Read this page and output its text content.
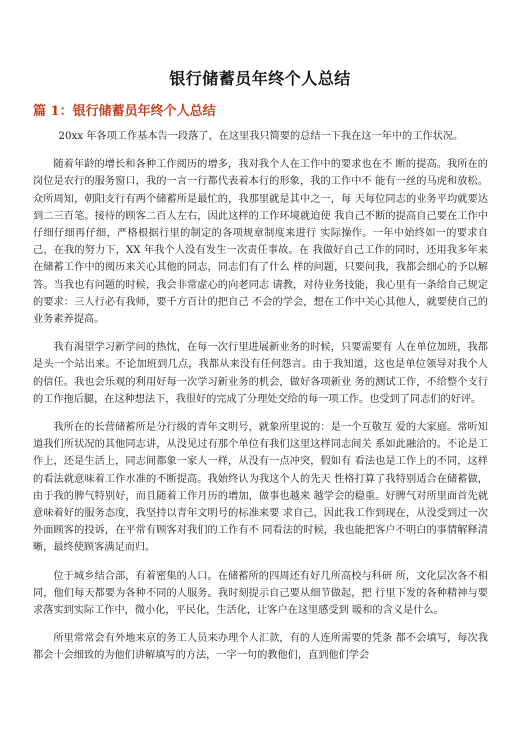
银行储蓄员年终个人总结
篇 1：银行储蓄员年终个人总结

20xx 年各项工作基本告一段落了，在这里我只简要的总结一下我在这一年中的工作状况。

随着年龄的增长和各种工作阅历的增多，我对我个人在工作中的要求也在不 断的提高。我所在的岗位是农行的服务窗口，我的一言一行都代表着本行的形象，我的工作中不 能有一丝的马虎和放松。众所周知，朝阳支行有两个储蓄所是最忙的，我那里就是其中之一，每 天每位同志的业务平均就要达到二三百笔。接待的顾客二百人左右，因此这样的工作环境就迫使 我自己不断的提高自己要在工作中仔细仔细再仔细，严格根据行里的制定的各项规章制度来进行 实际操作。一年中始终如一的要求自己，在我的努力下，XX 年我个人没有发生一次责任事故。在 我做好自己工作的同时，还用我多年来在储蓄工作中的阅历来关心其他的同志，同志们有了什么 样的问题，只要问我，我都会细心的予以解答。当我也有问题的时候，我会非常虚心的向老同志 请教，对待业务技能，我心里有一条给自己规定的要求：三人行必有我师，要千方百计的把自己 不会的学会，想在工作中关心其他人，就要使自己的业务素养提高。

我有渴望学习新学问的热忱，在每一次行里进展新业务的时候，只要需要有 人在单位加班，我都是头一个站出来。不论加班到几点，我都从来没有任何怨言。由于我知道，这也是单位领导对我个人的信任。我也会乐观的利用好每一次学习新业务的机会，做好各项新业 务的测试工作，不给整个支行的工作拖后腿，在这种想法下，我很好的完成了分理处交给的每一项工作。也受到了同志们的好评。

我所在的长营储蓄所是分行级的青年文明号，就象所里说的：是一个互敬互 爱的大家庭。常听知道我们所状况的其他同志讲，从没见过有那个单位有我们这里这样同志间关 系如此融洽的。不论是工作上，还是生活上，同志间都象一家人一样，从没有一点冲突，假如有 看法也是工作上的不同，这样的看法就意味着工作水准的不断提高。我始终认为我这个人的先天 性格打算了我特别适合在储蓄做，由于我的脾气特别好，而且随着工作月历的增加，做事也越来 越学会的稳重。好脾气对所里面首先就意味着好的服务态度，我坚持以青年文明号的标准来要 求自己，因此我工作到现在，从没受到过一次外面顾客的投诉，在平常有顾客对我们的工作有不 同看法的时候，我也能把客户不明白的事情解释清晰，最终使顾客满足而归。

位于城乡结合部，有着密集的人口。在储蓄所的四周还有好几所高校与科研 所，文化层次各不相同，他们每天都要为各种不同的人服务。我时刻提示自己要从细节做起，把 行里下发的各种精神与要求落实到实际工作中，微小化，平民化，生活化，让客户在这里感受到 暖和的含义是什么。

所里常常会有外地来京的务工人员来办理个人汇款，有的人连所需要的凭条 都不会填写，每次我都会十会细致的为他们讲解填写的方法，一字一句的教他们，直到他们学会
